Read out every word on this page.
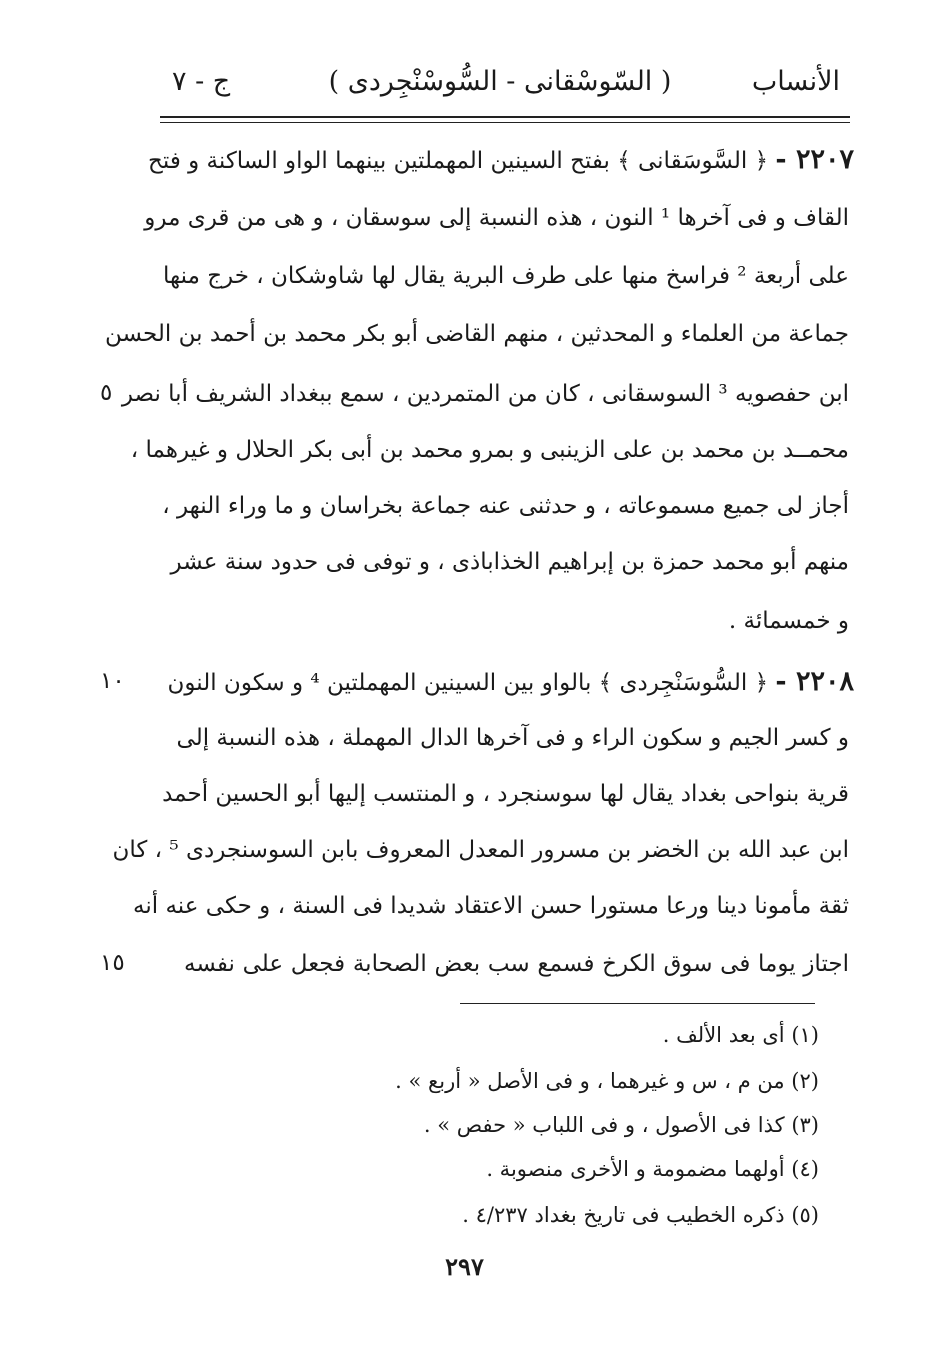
الأنساب
( السّوسْقانى - السُّوسْنْجِردى )
ج - ٧
٢٢٠٧ - ﴿ السَّوسَقانى ﴾ بفتح السينين المهملتين بينهما الواو الساكنة و فتح
القاف و فى آخرها ¹ النون ، هذه النسبة إلى سوسقان ، و هى من قرى مرو
على أربعة ² فراسخ منها على طرف البرية يقال لها شاوشكان ، خرج منها
جماعة من العلماء و المحدثين ، منهم القاضى أبو بكر محمد بن أحمد بن الحسن
ابن حفصويه ³ السوسقانى ، كان من المتمردين ، سمع ببغداد الشريف أبا نصر
٥
محمــد بن محمد بن على الزينبى و بمرو محمد بن أبى بكر الحلال و غيرهما ،
أجاز لى جميع مسموعاته ، و حدثنى عنه جماعة بخراسان و ما وراء النهر ،
منهم أبو محمد حمزة بن إبراهيم الخذاباذى ، و توفى فى حدود سنة عشر
و خمسمائة .
٢٢٠٨ - ﴿ السُّوسَنْجِردى ﴾ بالواو بين السينين المهملتين ⁴ و سكون النون
١٠
و كسر الجيم و سكون الراء و فى آخرها الدال المهملة ، هذه النسبة إلى
قرية بنواحى بغداد يقال لها سوسنجرد ، و المنتسب إليها أبو الحسين أحمد
ابن عبد الله بن الخضر بن مسرور المعدل المعروف بابن السوسنجردى ⁵ ، كان
ثقة مأمونا دينا ورعا مستورا حسن الاعتقاد شديدا فى السنة ، و حكى عنه أنه
اجتاز يوما فى سوق الكرخ فسمع سب بعض الصحابة فجعل على نفسه
١٥
(١) أى بعد الألف .
(٢) من م ، س و غيرهما ، و فى الأصل « أربع » .
(٣) كذا فى الأصول ، و فى اللباب « حفص » .
(٤) أولهما مضمومة و الأخرى منصوبة .
(٥) ذكره الخطيب فى تاريخ بغداد ٤/٢٣٧ .
٢٩٧
